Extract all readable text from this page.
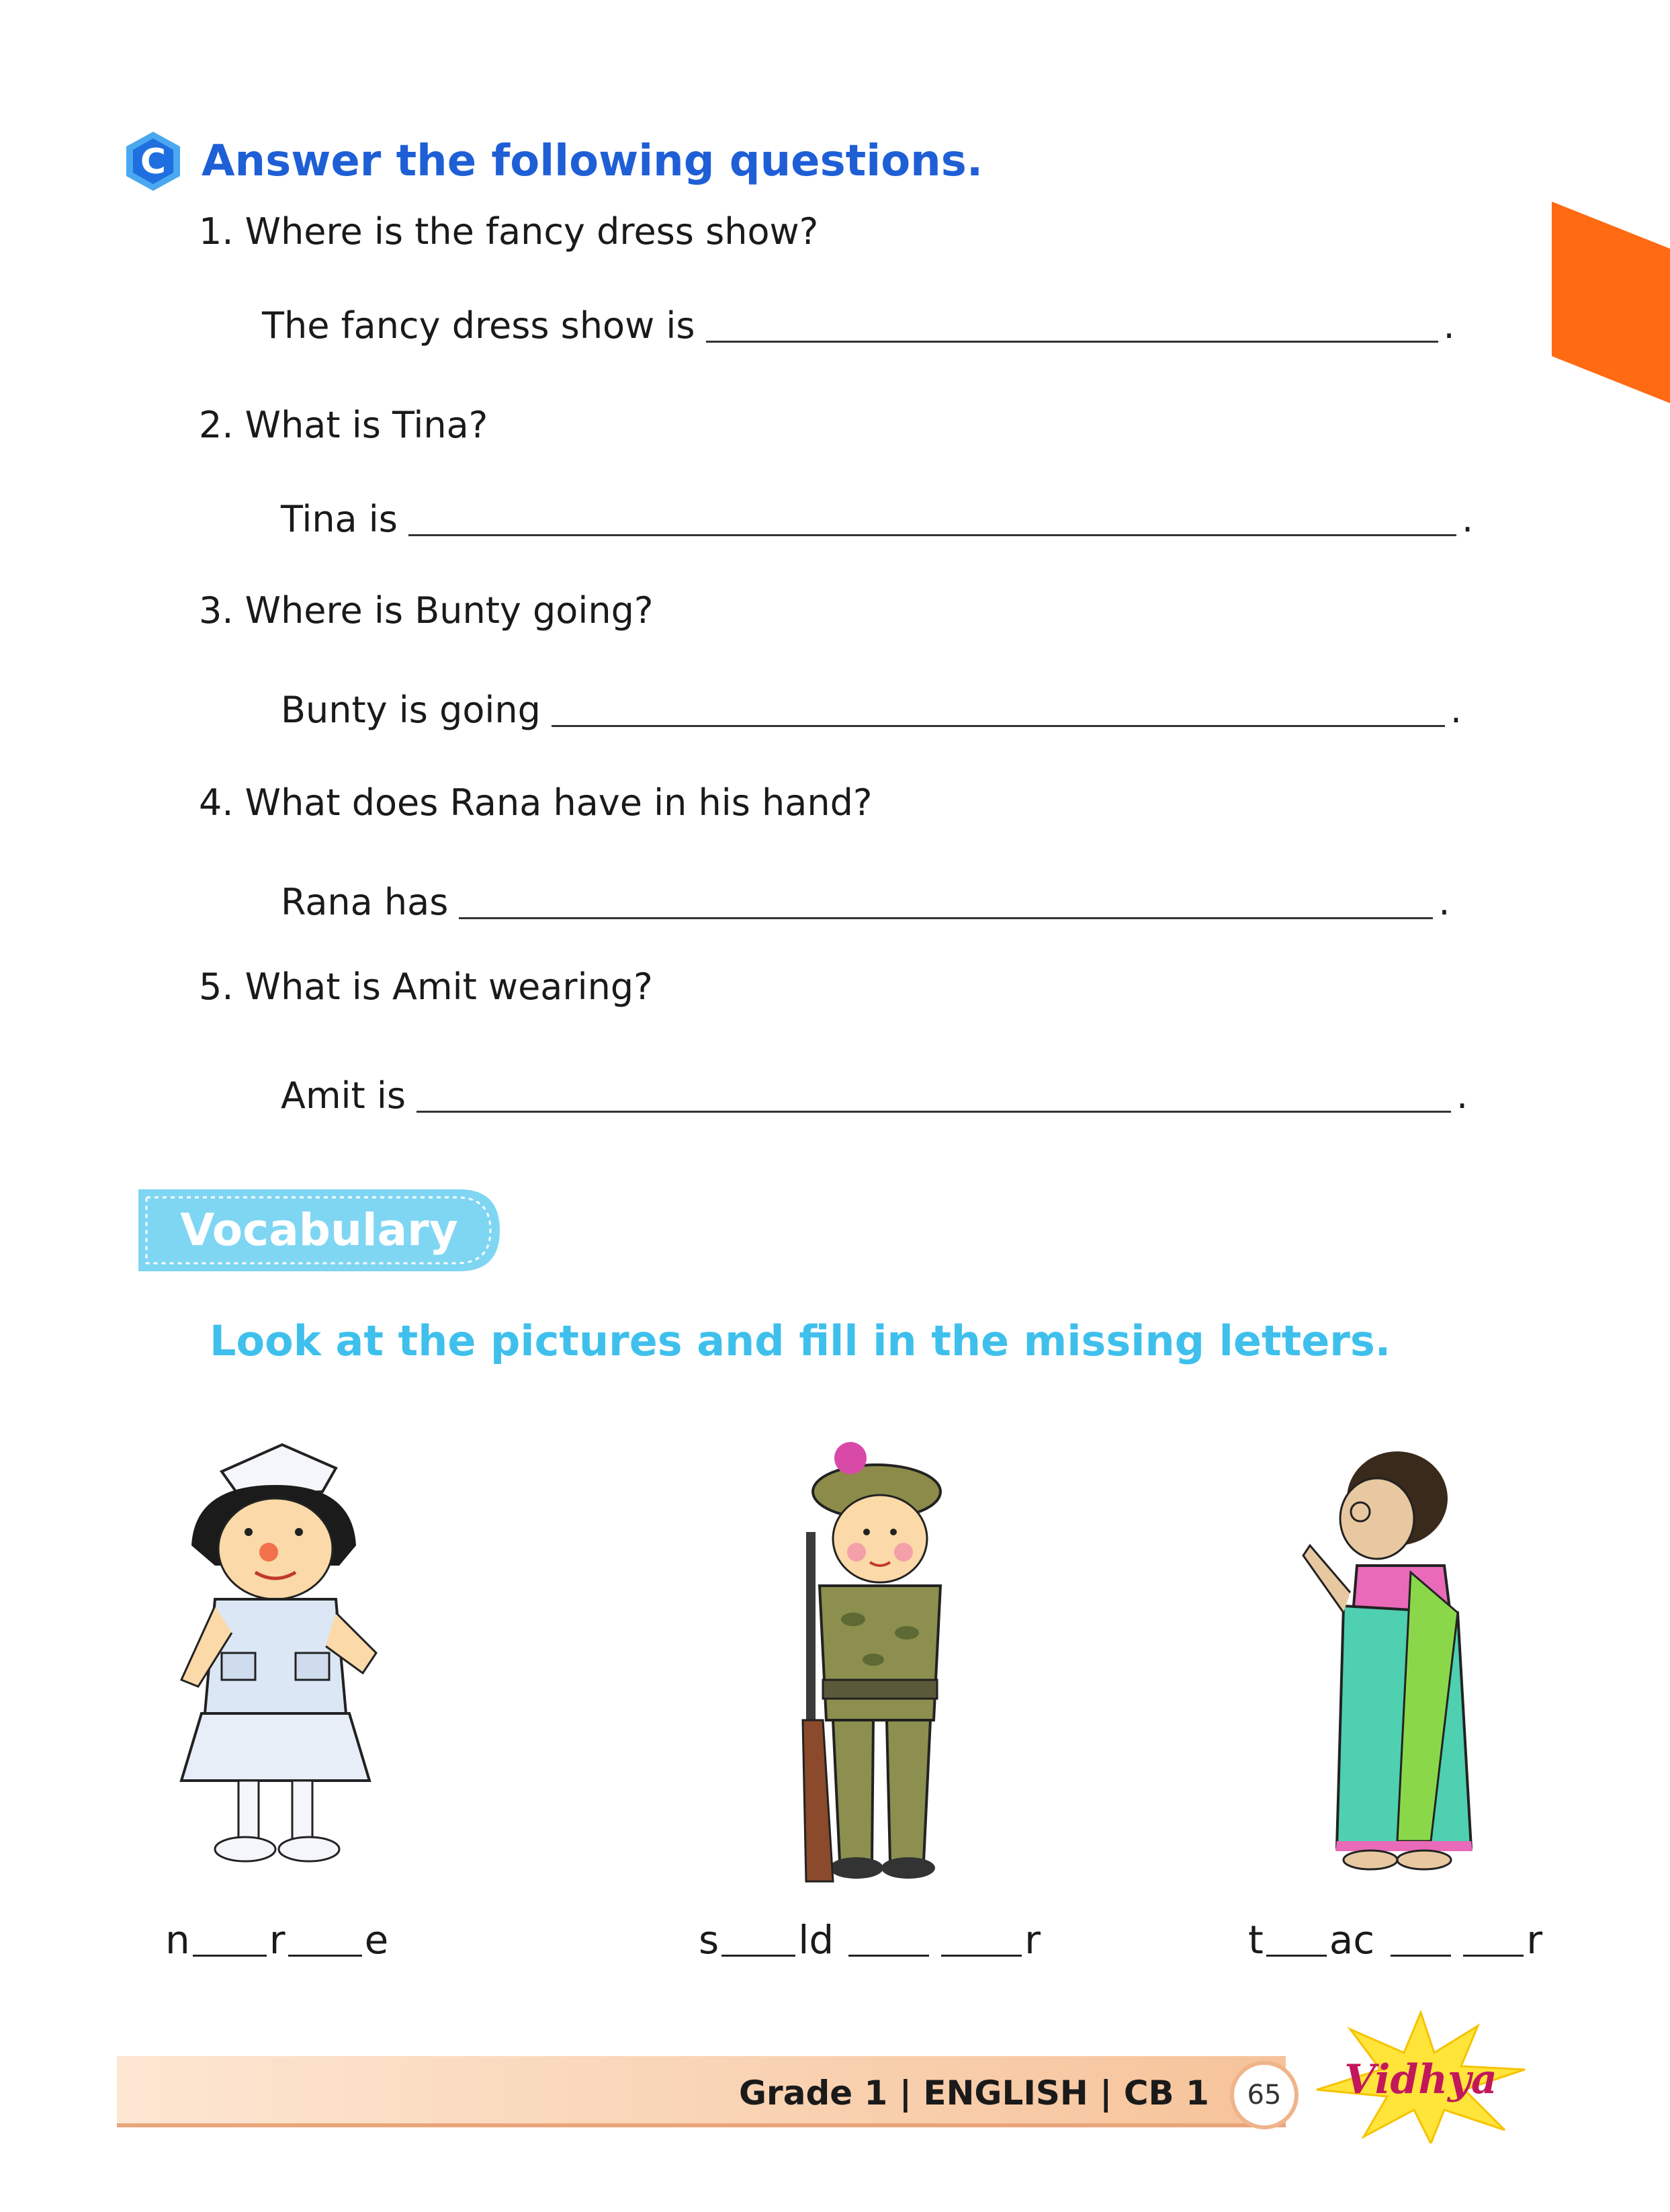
C Answer the following questions.
1. Where is the fancy dress show?
The fancy dress show is	.
2. What is Tina?
Tina is	.
3. Where is Bunty going?
Bunty is going	.
4. What does Rana have in his hand?
Rana has	.
5. What is Amit wearing?
Amit is	.
Vocabulary
Look at the pictures and fill in the missing letters.
n r e	s ld	r	t ac	r
Grade 1 | ENGLISH | CB 1	65	Vidhya
